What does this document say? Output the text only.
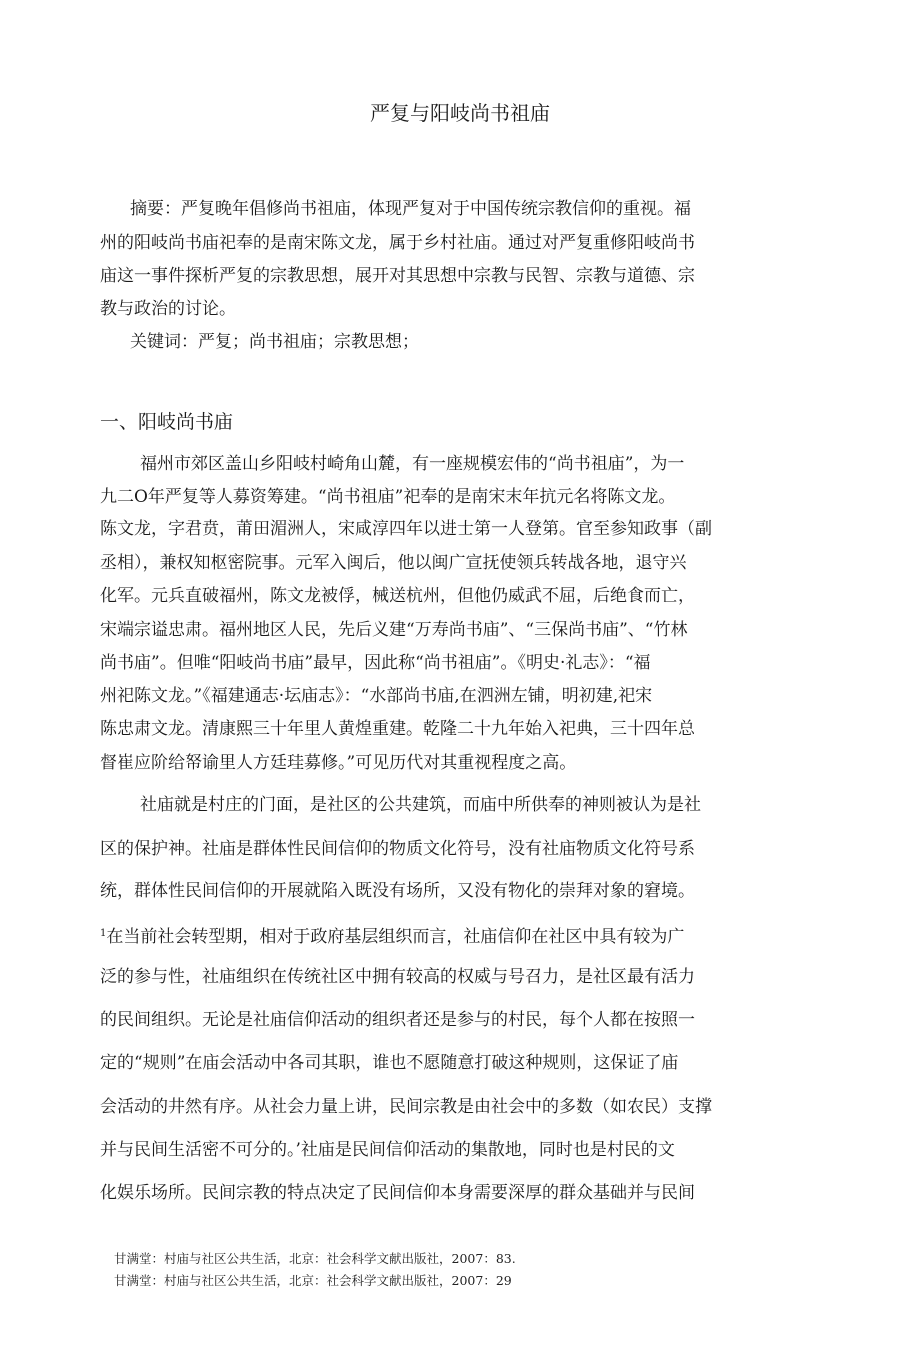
严复与阳岐尚书祖庙
摘要：严复晚年倡修尚书祖庙，体现严复对于中国传统宗教信仰的重视。福
州的阳岐尚书庙祀奉的是南宋陈文龙，属于乡村社庙。通过对严复重修阳岐尚书
庙这一事件探析严复的宗教思想，展开对其思想中宗教与民智、宗教与道德、宗
教与政治的讨论。
关键词：严复；尚书祖庙；宗教思想；
一、阳岐尚书庙
福州市郊区盖山乡阳岐村崎角山麓，有一座规模宏伟的“尚书祖庙”，为一
九二O年严复等人募资筹建。“尚书祖庙”祀奉的是南宋末年抗元名将陈文龙。
陈文龙，字君贲，莆田湄洲人，宋咸淳四年以进士第一人登第。官至参知政事（副
丞相），兼权知枢密院事。元军入闽后，他以闽广宣抚使领兵转战各地，退守兴
化军。元兵直破福州，陈文龙被俘，械送杭州，但他仍威武不屈，后绝食而亡，
宋端宗谥忠肃。福州地区人民，先后义建“万寿尚书庙”、“三保尚书庙”、“竹林
尚书庙”。但唯“阳岐尚书庙”最早，因此称“尚书祖庙”。《明史·礼志》：“福
州祀陈文龙。”《福建通志·坛庙志》：“水部尚书庙,在泗洲左铺，明初建,祀宋
陈忠肃文龙。清康熙三十年里人黄煌重建。乾隆二十九年始入祀典，三十四年总
督崔应阶给帑谕里人方廷珪募修。”可见历代对其重视程度之高。
社庙就是村庄的门面，是社区的公共建筑，而庙中所供奉的神则被认为是社
区的保护神。社庙是群体性民间信仰的物质文化符号，没有社庙物质文化符号系
统，群体性民间信仰的开展就陷入既没有场所，又没有物化的崇拜对象的窘境。
$^1$在当前社会转型期，相对于政府基层组织而言，社庙信仰在社区中具有较为广
泛的参与性，社庙组织在传统社区中拥有较高的权威与号召力，是社区最有活力
的民间组织。无论是社庙信仰活动的组织者还是参与的村民，每个人都在按照一
定的“规则”在庙会活动中各司其职，谁也不愿随意打破这种规则，这保证了庙
会活动的井然有序。从社会力量上讲，民间宗教是由社会中的多数（如农民）支撑
并与民间生活密不可分的。’社庙是民间信仰活动的集散地，同时也是村民的文
化娱乐场所。民间宗教的特点决定了民间信仰本身需要深厚的群众基础并与民间
甘满堂：村庙与社区公共生活，北京：社会科学文献出版社，2007：83.
甘满堂：村庙与社区公共生活，北京：社会科学文献出版社，2007：29
